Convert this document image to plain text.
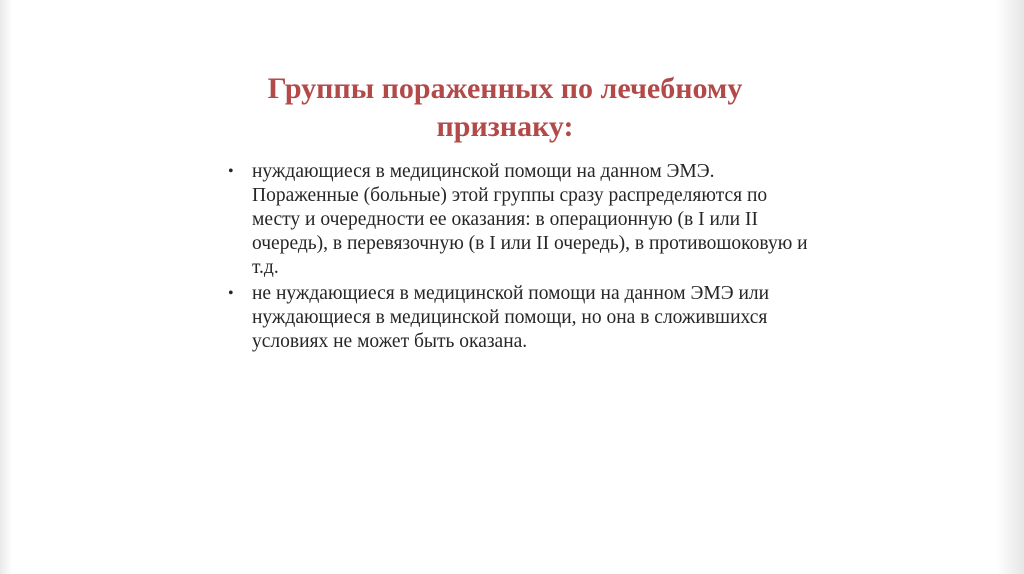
Группы пораженных по лечебному
признаку:
• нуждающиеся в медицинской помощи на данном ЭМЭ. Пораженные (больные) этой группы сразу распределяются по месту и очередности ее оказания: в операционную (в I или II очередь), в перевязочную (в I или II очередь), в противошоковую и т.д.
• не нуждающиеся в медицинской помощи на данном ЭМЭ или нуждающиеся в медицинской помощи, но она в сложившихся условиях не может быть оказана.
